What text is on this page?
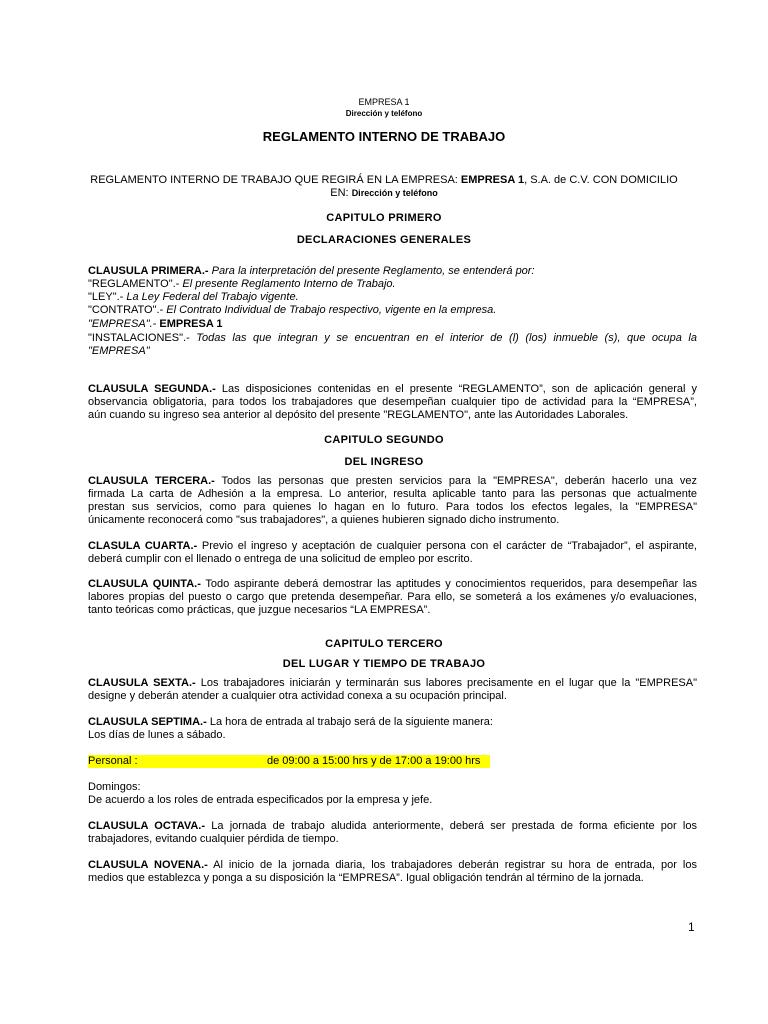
EMPRESA 1
Dirección y teléfono
REGLAMENTO INTERNO DE TRABAJO
REGLAMENTO INTERNO DE TRABAJO QUE REGIRÁ EN LA EMPRESA: EMPRESA 1, S.A. de C.V. CON DOMICILIO
EN: Dirección y teléfono
CAPITULO PRIMERO
DECLARACIONES GENERALES
CLAUSULA PRIMERA.- Para la interpretación del presente Reglamento, se entenderá por:
"REGLAMENTO".- El presente Reglamento Interno de Trabajo.
"LEY".- La Ley Federal del Trabajo vigente.
"CONTRATO".- El Contrato Individual de Trabajo respectivo, vigente en la empresa.
"EMPRESA".- EMPRESA 1
"INSTALACIONES".- Todas las que integran y se encuentran en el interior de (l) (los) inmueble (s), que ocupa la
"EMPRESA"
CLAUSULA SEGUNDA.- Las disposiciones contenidas en el presente “REGLAMENTO”, son de aplicación general y
observancia obligatoria, para todos los trabajadores que desempeñan cualquier tipo de actividad para la “EMPRESA”,
aún cuando su ingreso sea anterior al depósito del presente "REGLAMENTO", ante las Autoridades Laborales.
CAPITULO SEGUNDO
DEL INGRESO
CLAUSULA TERCERA.- Todos las personas que presten servicios para la "EMPRESA", deberán hacerlo una vez
firmada La carta de Adhesión a la empresa. Lo anterior, resulta aplicable tanto para las personas que actualmente
prestan sus servicios, como para quienes lo hagan en lo futuro. Para todos los efectos legales, la "EMPRESA"
únicamente reconocerá como "sus trabajadores", a quienes hubieren signado dicho instrumento.
CLASULA CUARTA.- Previo el ingreso y aceptación de cualquier persona con el carácter de “Trabajador”, el aspirante,
deberá cumplir con el llenado o entrega de una solicitud de empleo por escrito.
CLAUSULA QUINTA.- Todo aspirante deberá demostrar las aptitudes y conocimientos requeridos, para desempeñar las
labores propias del puesto o cargo que pretenda desempeñar. Para ello, se someterá a los exámenes y/o evaluaciones,
tanto teóricas como prácticas, que juzgue necesarios “LA EMPRESA”.
CAPITULO TERCERO
DEL LUGAR Y TIEMPO DE TRABAJO
CLAUSULA SEXTA.- Los trabajadores iniciarán y terminarán sus labores precisamente en el lugar que la "EMPRESA"
designe y deberán atender a cualquier otra actividad conexa a su ocupación principal.
CLAUSULA SEPTIMA.- La hora de entrada al trabajo será de la siguiente manera:
Los días de lunes a sábado.
Personal :	de 09:00 a 15:00 hrs y de 17:00 a 19:00 hrs
Domingos:
De acuerdo a los roles de entrada especificados por la empresa y jefe.
CLAUSULA OCTAVA.- La jornada de trabajo aludida anteriormente, deberá ser prestada de forma eficiente por los
trabajadores, evitando cualquier pérdida de tiempo.
CLAUSULA NOVENA.- Al inicio de la jornada diaria, los trabajadores deberán registrar su hora de entrada, por los
medios que establezca y ponga a su disposición la “EMPRESA”. Igual obligación tendrán al término de la jornada.
1
